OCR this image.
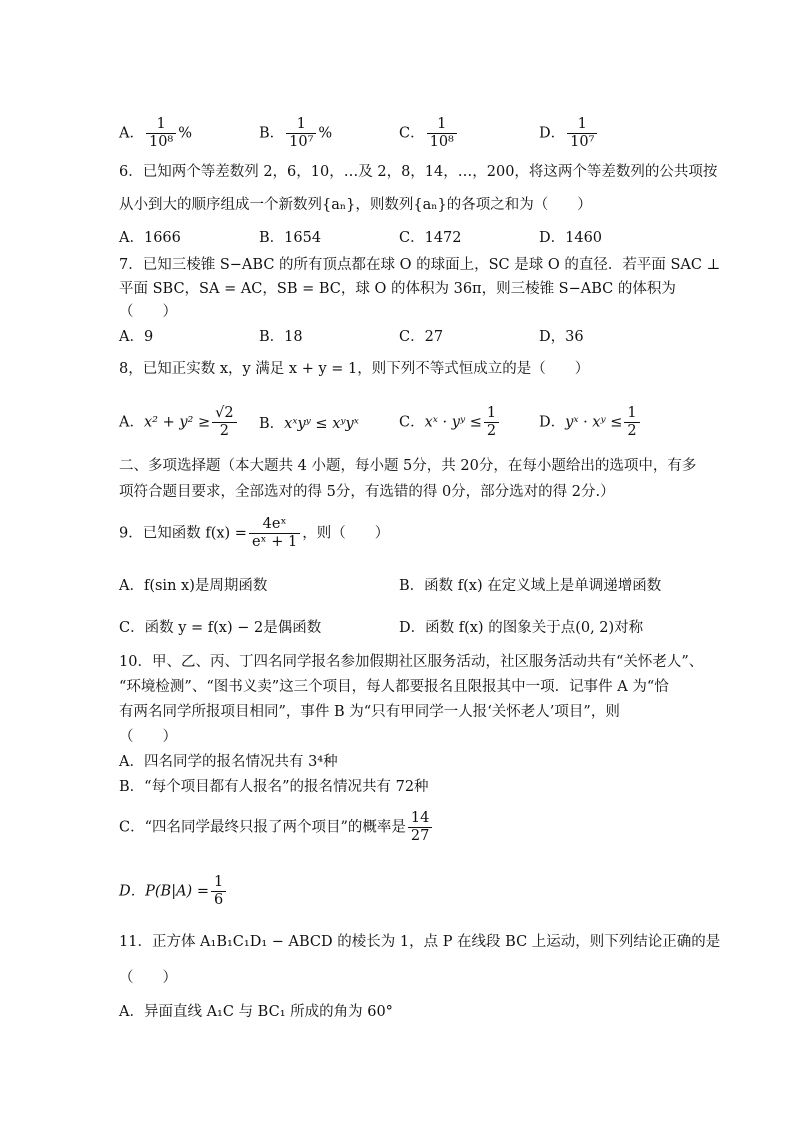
A． $\frac{1}{\text{10⁸}}$ %	B． $\frac{1}{\text{10⁷}}$ %	C． $\frac{1}{\text{10⁸}}$	D． $\frac{1}{\text{10⁷}}$
6．已知两个等差数列 2，6，10，…及 2，8，14，…，200，将这两个等差数列的公共项按
从小到大的顺序组成一个新数列{aₙ}，则数列{aₙ}的各项之和为（　　）
A．1666	B．1654	C．1472	D．1460
7．已知三棱锥 S−ABC 的所有顶点都在球 O 的球面上，SC 是球 O 的直径．若平面 SAC ⊥
平面 SBC，SA = AC，SB = BC，球 O 的体积为 36π，则三棱锥 S−ABC 的体积为
（　　）
A．9	B．18	C．27	D，36
8，已知正实数 x，y 满足 x + y = 1，则下列不等式恒成立的是（　　）
A．$x^2 + y^2 \ge \frac{√2}{2}$ B．xˣyʸ ≤ xʸyˣ	C．xˣ · yʸ ≤ $\frac{1}{2}$	D．yˣ · xʸ ≤ $\frac{1}{2}$
二、多项选择题（本大题共 4 小题，每小题 5分，共 20分，在每小题给出的选项中，有多
项符合题目要求，全部选对的得 5分，有选错的得 0分，部分选对的得 2分.）
9．已知函数 $f(x) = \frac{\text{4eˣ}}{\text{eˣ + 1}}$ ，则（　　）
A．f(sin x)是周期函数	B．函数 f(x) 在定义域上是单调递增函数
C．函数 y = f(x) − 2是偶函数	D．函数 f(x) 的图象关于点(0, 2)对称
10．甲、乙、丙、丁四名同学报名参加假期社区服务活动，社区服务活动共有“关怀老人”、
“环境检测”、“图书义卖”这三个项目，每人都要报名且限报其中一项．记事件 A 为“恰
有两名同学所报项目相同”，事件 B 为“只有甲同学一人报‘关怀老人’项目”，则
（　　）
A．四名同学的报名情况共有 3⁴种
B．“每个项目都有人报名”的报名情况共有 72种
C．“四名同学最终只报了两个项目”的概率是 $\frac{14}{27}$
D．$P(B|A) = \frac{1}{6}$
11．正方体 A₁B₁C₁D₁ − ABCD 的棱长为 1，点 P 在线段 BC 上运动，则下列结论正确的是
（　　）
A．异面直线 A₁C 与 BC₁ 所成的角为 60°
